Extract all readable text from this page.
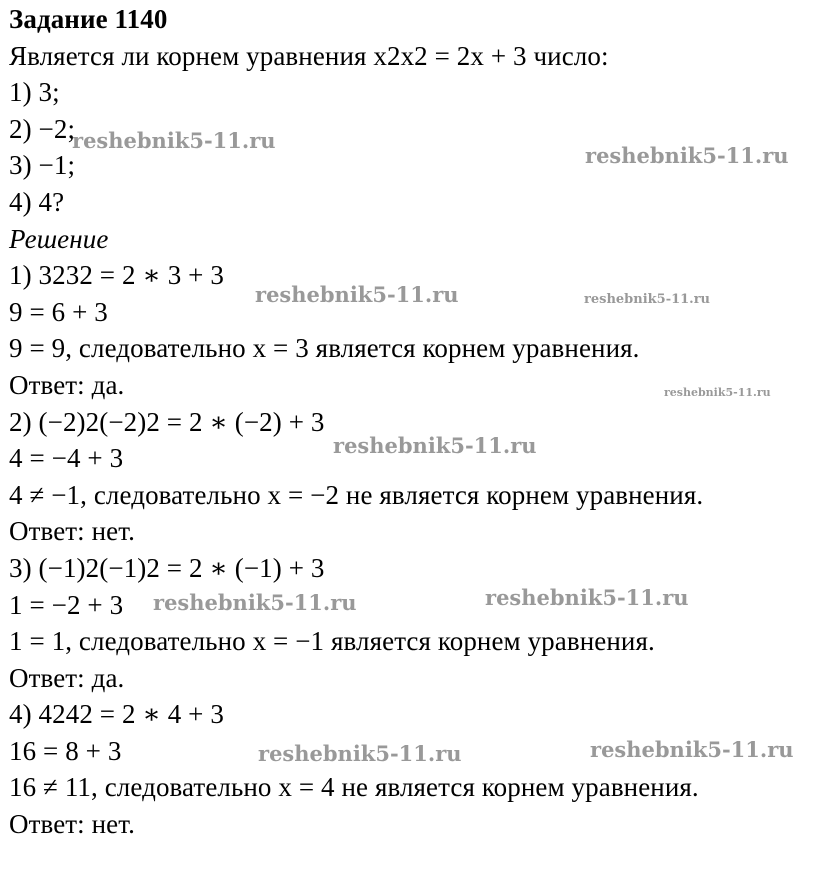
Задание 1140
Является ли корнем уравнения x2x2 = 2x + 3 число:
1) 3;
2) −2;
3) −1;
4) 4?
Решение
1) 3232 = 2 ∗ 3 + 3
9 = 6 + 3
9 = 9, следовательно x = 3 является корнем уравнения.
Ответ: да.
2) (−2)2(−2)2 = 2 ∗ (−2) + 3
4 = −4 + 3
4 ≠ −1, следовательно x = −2 не является корнем уравнения.
Ответ: нет.
3) (−1)2(−1)2 = 2 ∗ (−1) + 3
1 = −2 + 3
1 = 1, следовательно x = −1 является корнем уравнения.
Ответ: да.
4) 4242 = 2 ∗ 4 + 3
16 = 8 + 3
16 ≠ 11, следовательно x = 4 не является корнем уравнения.
Ответ: нет.
reshebnik5-11.ru
reshebnik5-11.ru
reshebnik5-11.ru	reshebnik5-11.ru
reshebnik5-11.ru
reshebnik5-11.ru
reshebnik5-11.ru	reshebnik5-11.ru
reshebnik5-11.ru	reshebnik5-11.ru
